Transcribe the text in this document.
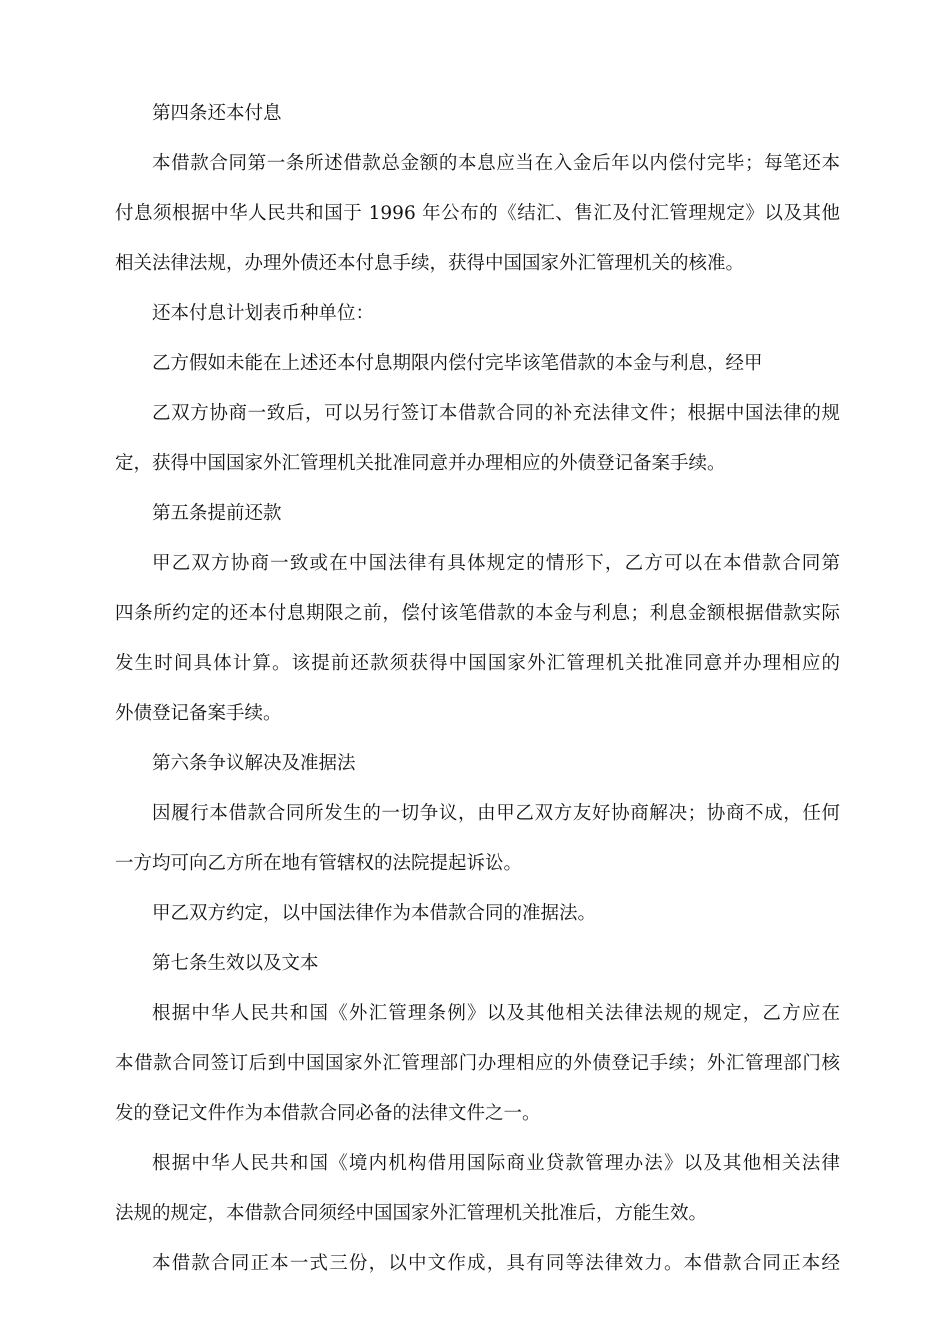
第四条还本付息
本借款合同第一条所述借款总金额的本息应当在入金后年以内偿付完毕；每笔还本
付息须根据中华人民共和国于 1996 年公布的《结汇、售汇及付汇管理规定》以及其他
相关法律法规，办理外债还本付息手续，获得中国国家外汇管理机关的核准。
还本付息计划表币种单位：
乙方假如未能在上述还本付息期限内偿付完毕该笔借款的本金与利息，经甲
乙双方协商一致后，可以另行签订本借款合同的补充法律文件；根据中国法律的规
定，获得中国国家外汇管理机关批准同意并办理相应的外债登记备案手续。
第五条提前还款
甲乙双方协商一致或在中国法律有具体规定的情形下，乙方可以在本借款合同第
四条所约定的还本付息期限之前，偿付该笔借款的本金与利息；利息金额根据借款实际
发生时间具体计算。该提前还款须获得中国国家外汇管理机关批准同意并办理相应的
外债登记备案手续。
第六条争议解决及准据法
因履行本借款合同所发生的一切争议，由甲乙双方友好协商解决；协商不成，任何
一方均可向乙方所在地有管辖权的法院提起诉讼。
甲乙双方约定，以中国法律作为本借款合同的准据法。
第七条生效以及文本
根据中华人民共和国《外汇管理条例》以及其他相关法律法规的规定，乙方应在
本借款合同签订后到中国国家外汇管理部门办理相应的外债登记手续；外汇管理部门核
发的登记文件作为本借款合同必备的法律文件之一。
根据中华人民共和国《境内机构借用国际商业贷款管理办法》以及其他相关法律
法规的规定，本借款合同须经中国国家外汇管理机关批准后，方能生效。
本借款合同正本一式三份，以中文作成，具有同等法律效力。本借款合同正本经
